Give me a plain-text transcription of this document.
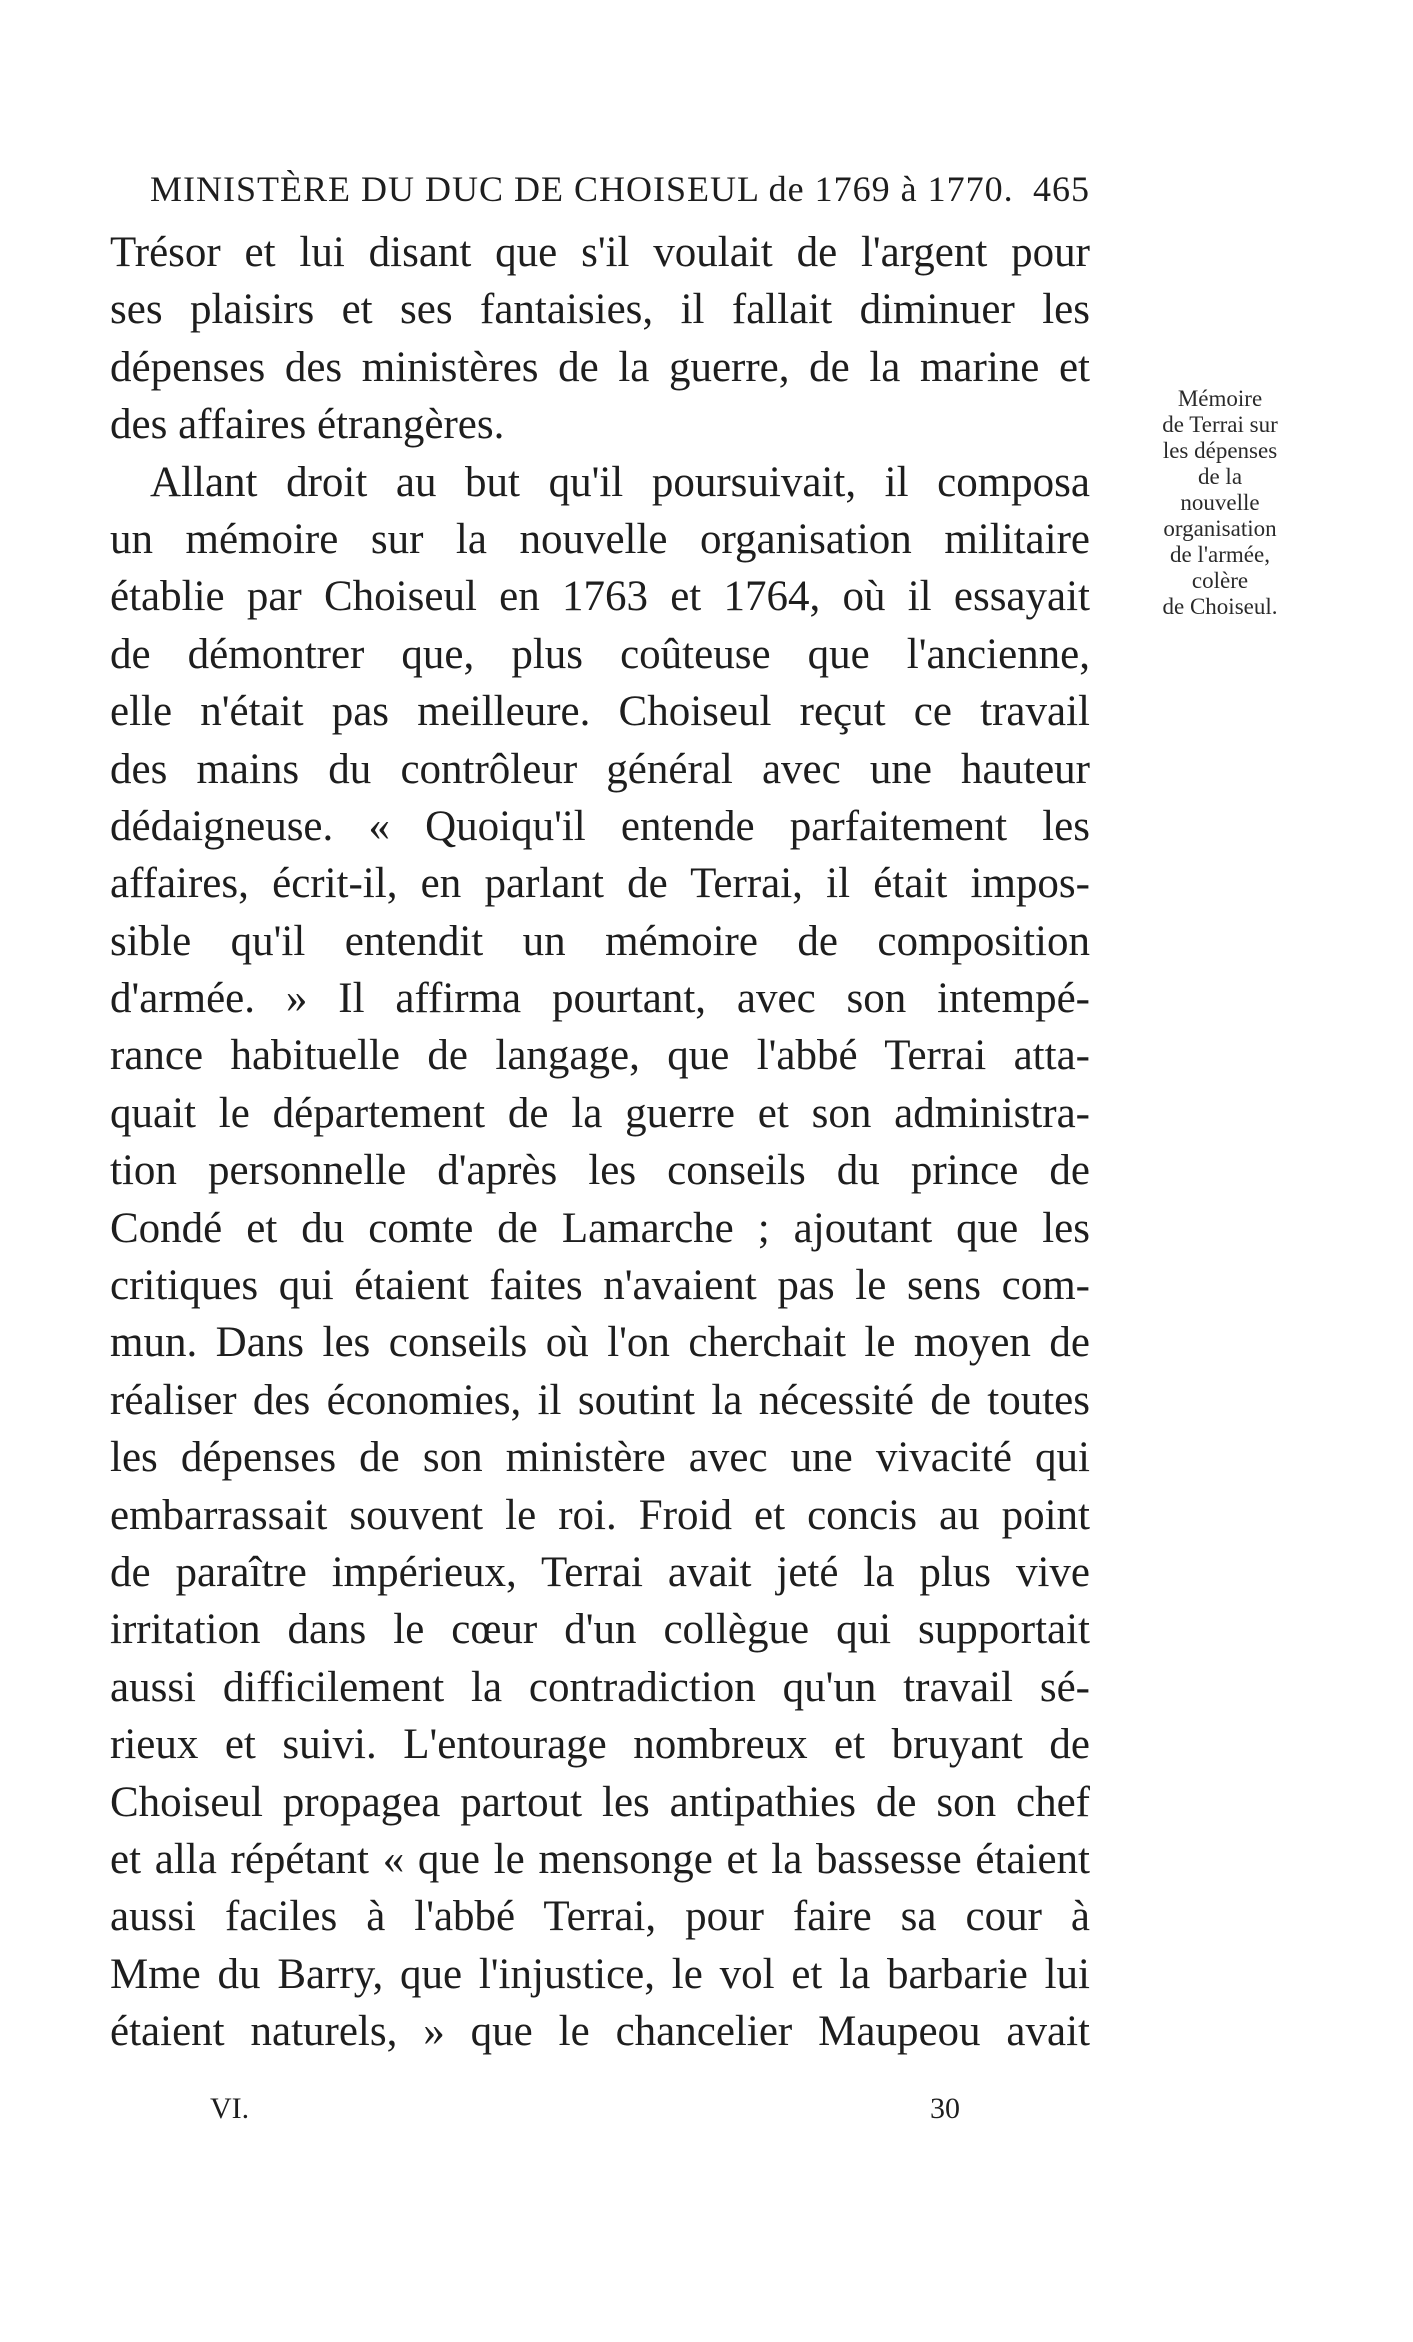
MINISTÈRE DU DUC DE CHOISEUL de 1769 à 1770. 465
Trésor et lui disant que s'il voulait de l'argent pour
ses plaisirs et ses fantaisies, il fallait diminuer les
dépenses des ministères de la guerre, de la marine et
des affaires étrangères.
Allant droit au but qu'il poursuivait, il composa
un mémoire sur la nouvelle organisation militaire
établie par Choiseul en 1763 et 1764, où il essayait
de démontrer que, plus coûteuse que l'ancienne,
elle n'était pas meilleure. Choiseul reçut ce travail
des mains du contrôleur général avec une hauteur
dédaigneuse. « Quoiqu'il entende parfaitement les
affaires, écrit-il, en parlant de Terrai, il était impos-
sible qu'il entendit un mémoire de composition
d'armée. » Il affirma pourtant, avec son intempé-
rance habituelle de langage, que l'abbé Terrai atta-
quait le département de la guerre et son administra-
tion personnelle d'après les conseils du prince de
Condé et du comte de Lamarche ; ajoutant que les
critiques qui étaient faites n'avaient pas le sens com-
mun. Dans les conseils où l'on cherchait le moyen de
réaliser des économies, il soutint la nécessité de toutes
les dépenses de son ministère avec une vivacité qui
embarrassait souvent le roi. Froid et concis au point
de paraître impérieux, Terrai avait jeté la plus vive
irritation dans le cœur d'un collègue qui supportait
aussi difficilement la contradiction qu'un travail sé-
rieux et suivi. L'entourage nombreux et bruyant de
Choiseul propagea partout les antipathies de son chef
et alla répétant « que le mensonge et la bassesse étaient
aussi faciles à l'abbé Terrai, pour faire sa cour à
Mme du Barry, que l'injustice, le vol et la barbarie lui
étaient naturels, » que le chancelier Maupeou avait
Mémoire
de Terrai sur
les dépenses
de la
nouvelle
organisation
de l'armée,
colère
de Choiseul.
VI.	30
